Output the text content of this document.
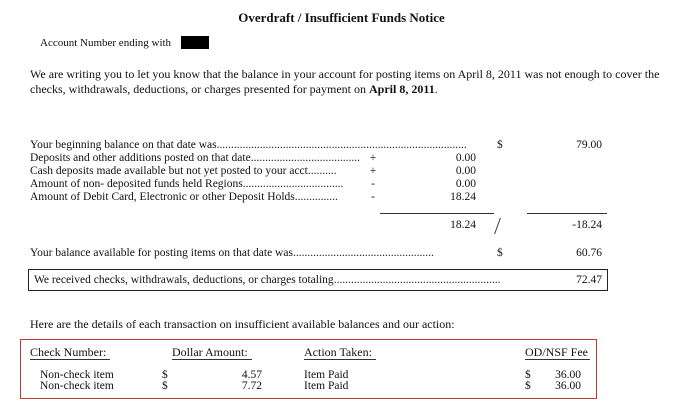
Overdraft / Insufficient Funds Notice
Account Number ending with
We are writing you to let you know that the balance in your account for posting items on April 8, 2011 was not enough to cover the checks, withdrawals, deductions, or charges presented for payment on April 8, 2011.
Your beginning balance on that date was.......................................................................................	$	79.00
Deposits and other additions posted on that date...................................... +	0.00
Cash deposits made available but not yet posted to your acct..........	+	0.00
Amount of non- deposited funds held Regions................................... -	0.00
Amount of Debit Card, Electronic or other Deposit Holds...............	-	18.24
18.24	-18.24
Your balance available for posting items on that date was.................................................	$	60.76
We received checks, withdrawals, deductions, or charges totaling..........................................................	72.47
Here are the details of each transaction on insufficient available balances and our action:
Check Number:	Dollar Amount:	Action Taken:	OD/NSF Fee
Non-check item	$	4.57	Item Paid	$	36.00
Non-check item	$	7.72	Item Paid	$	36.00
